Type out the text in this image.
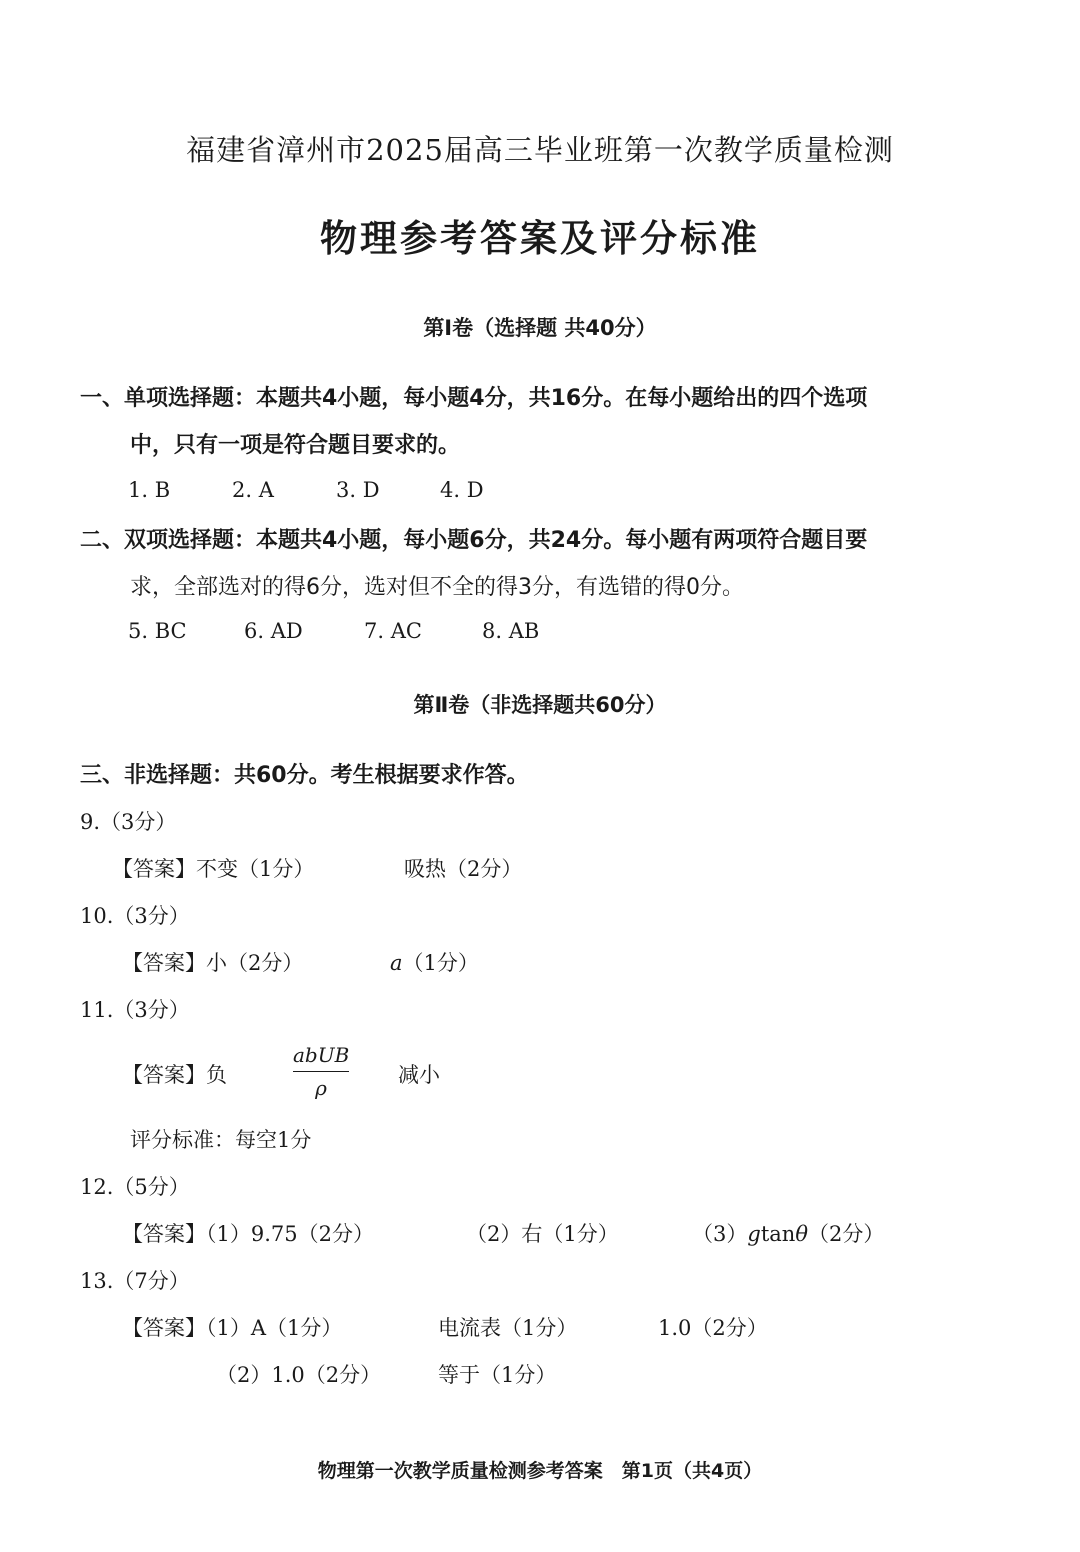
福建省漳州市2025届高三毕业班第一次教学质量检测
物理参考答案及评分标准
第Ⅰ卷（选择题 共40分）
一、单项选择题：本题共4小题，每小题4分，共16分。在每小题给出的四个选项
中，只有一项是符合题目要求的。
1. B	2. A	3. D	4. D
二、双项选择题：本题共4小题，每小题6分，共24分。每小题有两项符合题目要
求，全部选对的得6分，选对但不全的得3分，有选错的得0分。
5. BC	6. AD	7. AC	8. AB
第Ⅱ卷（非选择题共60分）
三、非选择题：共60分。考生根据要求作答。
9.（3分）
【答案】不变（1分）	吸热（2分）
10.（3分）
【答案】小（2分）	a（1分）
11.（3分）
【答案】负
abUB
ρ
减小
评分标准：每空1分
12.（5分）
【答案】（1）9.75（2分）	（2）右（1分）	（3）gtanθ（2分）
13.（7分）
【答案】（1）A（1分）	电流表（1分）	1.0（2分）
（2）1.0（2分）	等于（1分）
物理第一次教学质量检测参考答案　第1页（共4页）
